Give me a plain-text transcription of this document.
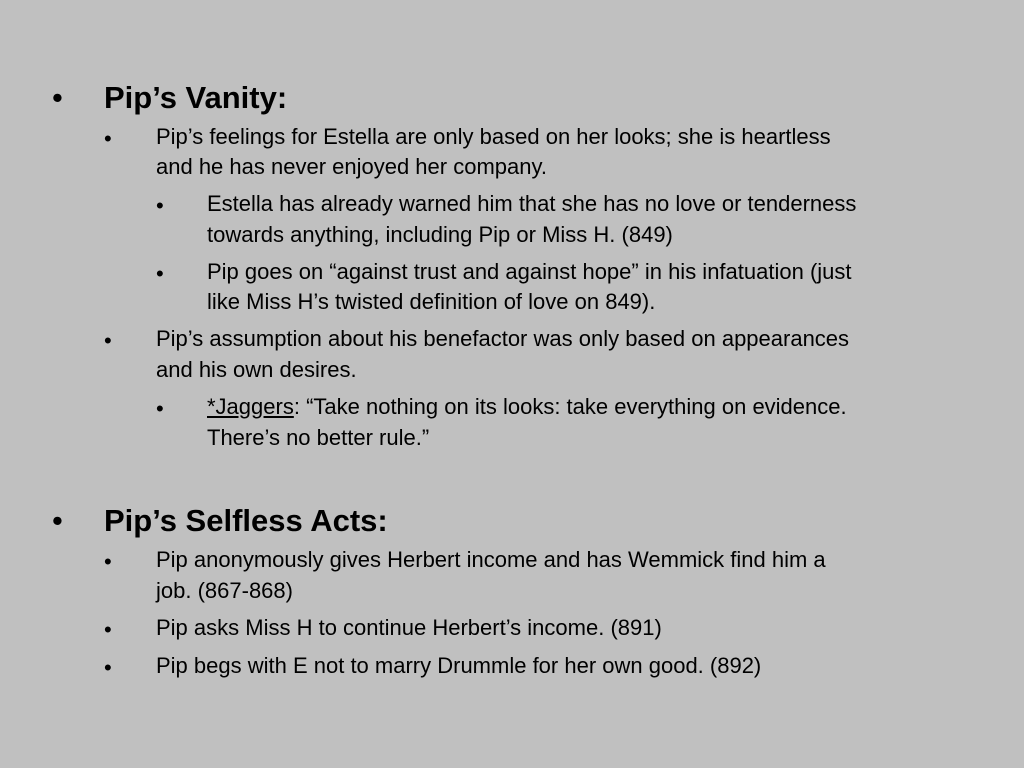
• Pip’s Vanity:
• Pip’s feelings for Estella are only based on her looks; she is heartless
and he has never enjoyed her company.
• Estella has already warned him that she has no love or tenderness
towards anything, including Pip or Miss H. (849)
• Pip goes on “against trust and against hope” in his infatuation (just
like Miss H’s twisted definition of love on 849).
• Pip’s assumption about his benefactor was only based on appearances
and his own desires.
• *Jaggers: “Take nothing on its looks: take everything on evidence.
There’s no better rule.”
• Pip’s Selfless Acts:
• Pip anonymously gives Herbert income and has Wemmick find him a
job. (867-868)
• Pip asks Miss H to continue Herbert’s income. (891)
• Pip begs with E not to marry Drummle for her own good. (892)
